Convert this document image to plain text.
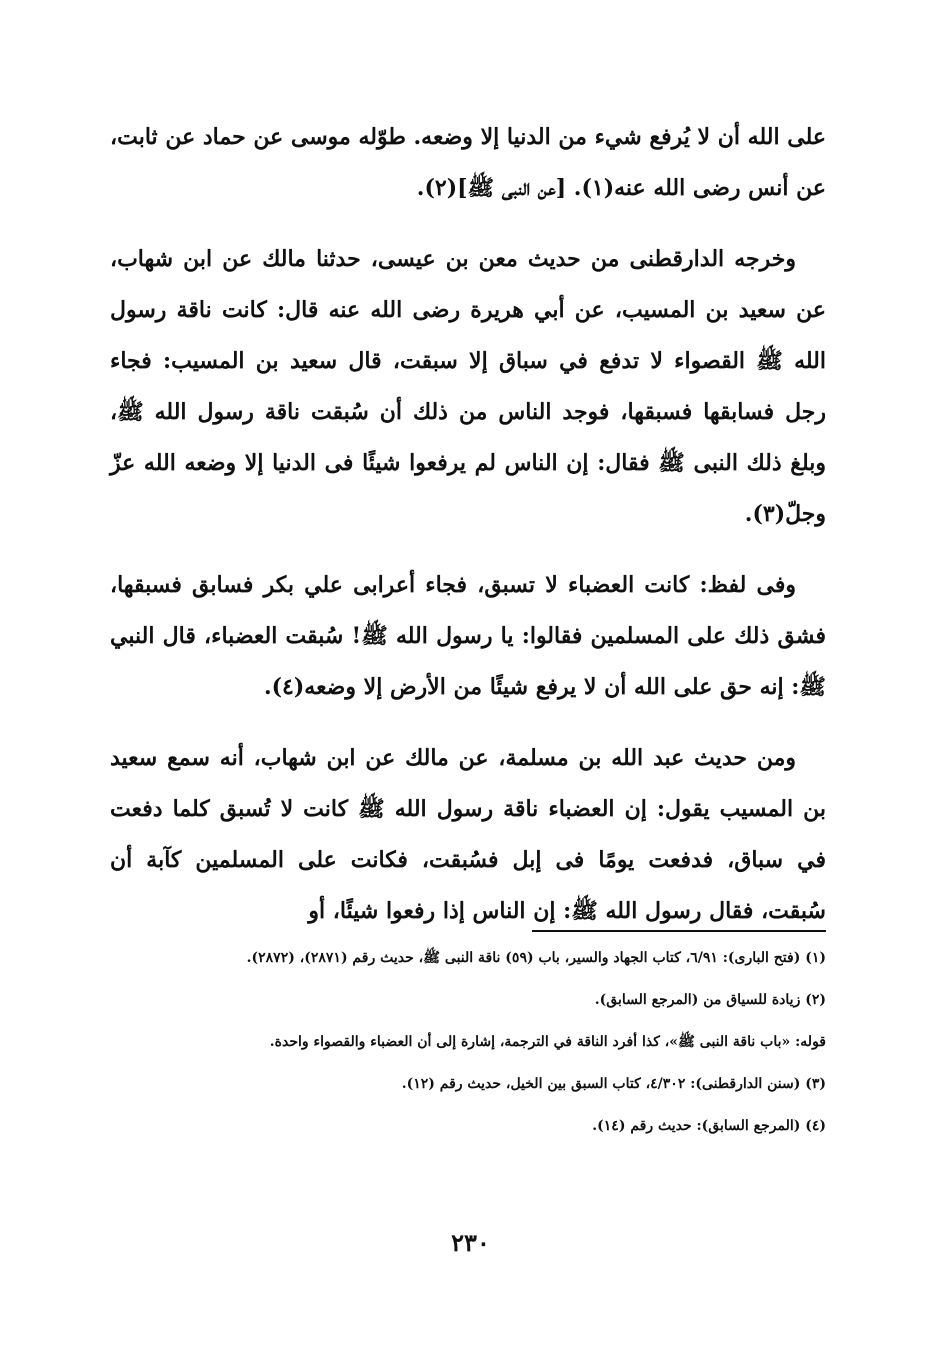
على الله أن لا يُرفع شيء من الدنيا إلا وضعه. طوّله موسى عن حماد عن ثابت، عن أنس رضى الله عنه(١). [عن النبى ﷺ](٢).

وخرجه الدارقطنى من حديث معن بن عيسى، حدثنا مالك عن ابن شهاب، عن سعيد بن المسيب، عن أبي هريرة رضى الله عنه قال: كانت ناقة رسول الله ﷺ القصواء لا تدفع في سباق إلا سبقت، قال سعيد بن المسيب: فجاء رجل فسابقها فسبقها، فوجد الناس من ذلك أن سُبقت ناقة رسول الله ﷺ، وبلغ ذلك النبى ﷺ فقال: إن الناس لم يرفعوا شيئًا فى الدنيا إلا وضعه الله عزّ وجلّ(٣).

وفى لفظ: كانت العضباء لا تسبق، فجاء أعرابى علي بكر فسابق فسبقها، فشق ذلك على المسلمين فقالوا: يا رسول الله ﷺ! سُبقت العضباء، قال النبي ﷺ: إنه حق على الله أن لا يرفع شيئًا من الأرض إلا وضعه(٤).

ومن حديث عبد الله بن مسلمة، عن مالك عن ابن شهاب، أنه سمع سعيد بن المسيب يقول: إن العضباء ناقة رسول الله ﷺ كانت لا تُسبق كلما دفعت في سباق، فدفعت يومًا فى إبل فسُبقت، فكانت على المسلمين كآبة أن سُبقت، فقال رسول الله ﷺ: إن الناس إذا رفعوا شيئًا، أو

(١) (فتح البارى): ٦/٩١، كتاب الجهاد والسير، باب (٥٩) ناقة النبى ﷺ، حديث رقم (٢٨٧١)، (٢٨٧٢).

(٢) زيادة للسياق من (المرجع السابق).

قوله: «باب ناقة النبى ﷺ»، كذا أفرد الناقة في الترجمة، إشارة إلى أن العضباء والقصواء واحدة.

(٣) (سنن الدارقطنى): ٤/٣٠٢، كتاب السبق بين الخيل، حديث رقم (١٢).

(٤) (المرجع السابق): حديث رقم (١٤).

٢٣٠
